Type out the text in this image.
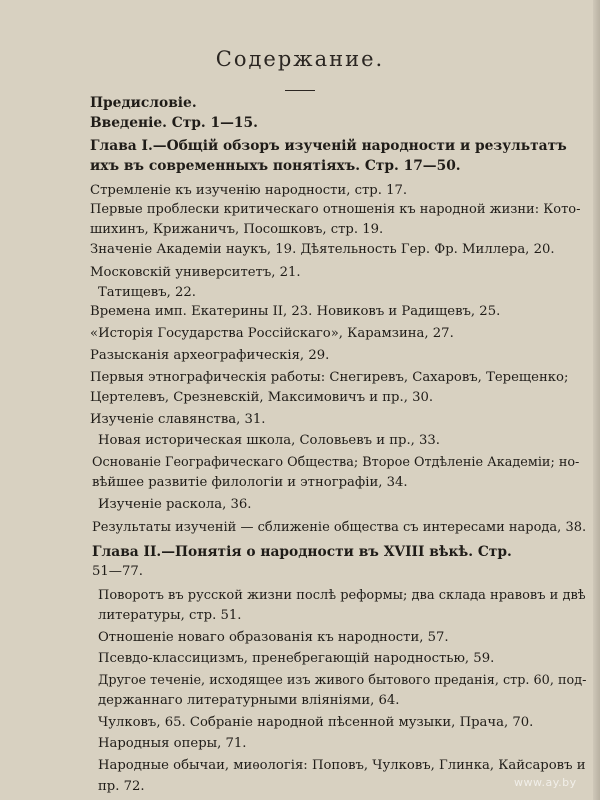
Содержание.
Предисловіе.
Введеніе. Стр. 1—15.
Глава I.—Общій обзоръ изученій народности и результатъ
ихъ въ современныхъ понятіяхъ. Стр. 17—50.
Стремленіе къ изученію народности, стр. 17.
Первые проблески критическаго отношенія къ народной жизни: Кото-
шихинъ, Крижаничъ, Посошковъ, стр. 19.
Значеніе Академіи наукъ, 19. Дѣятельность Гер. Фр. Миллера, 20.
Московскій университетъ, 21.
Татищевъ, 22.
Времена имп. Екатерины II, 23. Новиковъ и Радищевъ, 25.
«Исторія Государства Россійскаго», Карамзина, 27.
Разысканія археографическія, 29.
Первыя этнографическія работы: Снегиревъ, Сахаровъ, Терещенко;
Цертелевъ, Срезневскій, Максимовичъ и пр., 30.
Изученіе славянства, 31.
Новая историческая школа, Соловьевъ и пр., 33.
Основаніе Географическаго Общества; Второе Отдѣленіе Академіи; но-
вѣйшее развитіе филологіи и этнографіи, 34.
Изученіе раскола, 36.
Результаты изученій — сближеніе общества съ интересами народа, 38.
Глава II.—Понятія о народности въ XVIII вѣкѣ. Стр.
51—77.
Поворотъ въ русской жизни послѣ реформы; два склада нравовъ и двѣ
литературы, стр. 51.
Отношеніе новаго образованія къ народности, 57.
Псевдо-классицизмъ, пренебрегающій народностью, 59.
Другое теченіе, исходящее изъ живого бытового преданія, стр. 60, под-
держаннаго литературными вліяніями, 64.
Чулковъ, 65. Собраніе народной пѣсенной музыки, Прача, 70.
Народныя оперы, 71.
Народные обычаи, миѳологія: Поповъ, Чулковъ, Глинка, Кайсаровъ и
пр. 72.	www.ay.by
